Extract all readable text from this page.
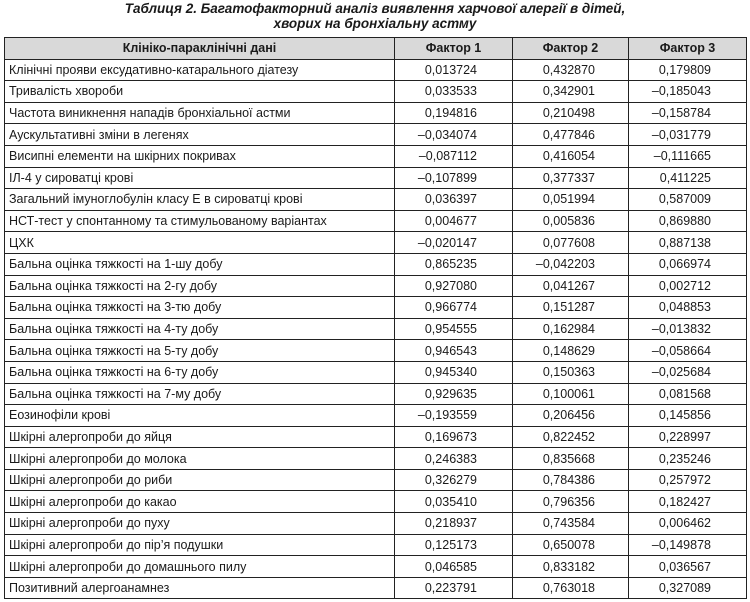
Таблиця 2. Багатофакторний аналіз виявлення харчової алергії в дітей,
хворих на бронхіальну астму
Клініко-параклінічні дані	Фактор 1	Фактор 2	Фактор 3
Клінічні прояви ексудативно-катарального діатезу	0,013724	0,432870	0,179809
Тривалість хвороби	0,033533	0,342901	–0,185043
Частота виникнення нападів бронхіальної астми	0,194816	0,210498	–0,158784
Аускультативні зміни в легенях	–0,034074	0,477846	–0,031779
Висипні елементи на шкірних покривах	–0,087112	0,416054	–0,111665
ІЛ-4 у сироватці крові	–0,107899	0,377337	0,411225
Загальний імуноглобулін класу Е в сироватці крові	0,036397	0,051994	0,587009
НСТ-тест у спонтанному та стимульованому варіантах	0,004677	0,005836	0,869880
ЦХК	–0,020147	0,077608	0,887138
Бальна оцінка тяжкості на 1-шу добу	0,865235	–0,042203	0,066974
Бальна оцінка тяжкості на 2-гу добу	0,927080	0,041267	0,002712
Бальна оцінка тяжкості на 3-тю добу	0,966774	0,151287	0,048853
Бальна оцінка тяжкості на 4-ту добу	0,954555	0,162984	–0,013832
Бальна оцінка тяжкості на 5-ту добу	0,946543	0,148629	–0,058664
Бальна оцінка тяжкості на 6-ту добу	0,945340	0,150363	–0,025684
Бальна оцінка тяжкості на 7-му добу	0,929635	0,100061	0,081568
Еозинофіли крові	–0,193559	0,206456	0,145856
Шкірні алергопроби до яйця	0,169673	0,822452	0,228997
Шкірні алергопроби до молока	0,246383	0,835668	0,235246
Шкірні алергопроби до риби	0,326279	0,784386	0,257972
Шкірні алергопроби до какао	0,035410	0,796356	0,182427
Шкірні алергопроби до пуху	0,218937	0,743584	0,006462
Шкірні алергопроби до пір’я подушки	0,125173	0,650078	–0,149878
Шкірні алергопроби до домашнього пилу	0,046585	0,833182	0,036567
Позитивний алергоанамнез	0,223791	0,763018	0,327089
